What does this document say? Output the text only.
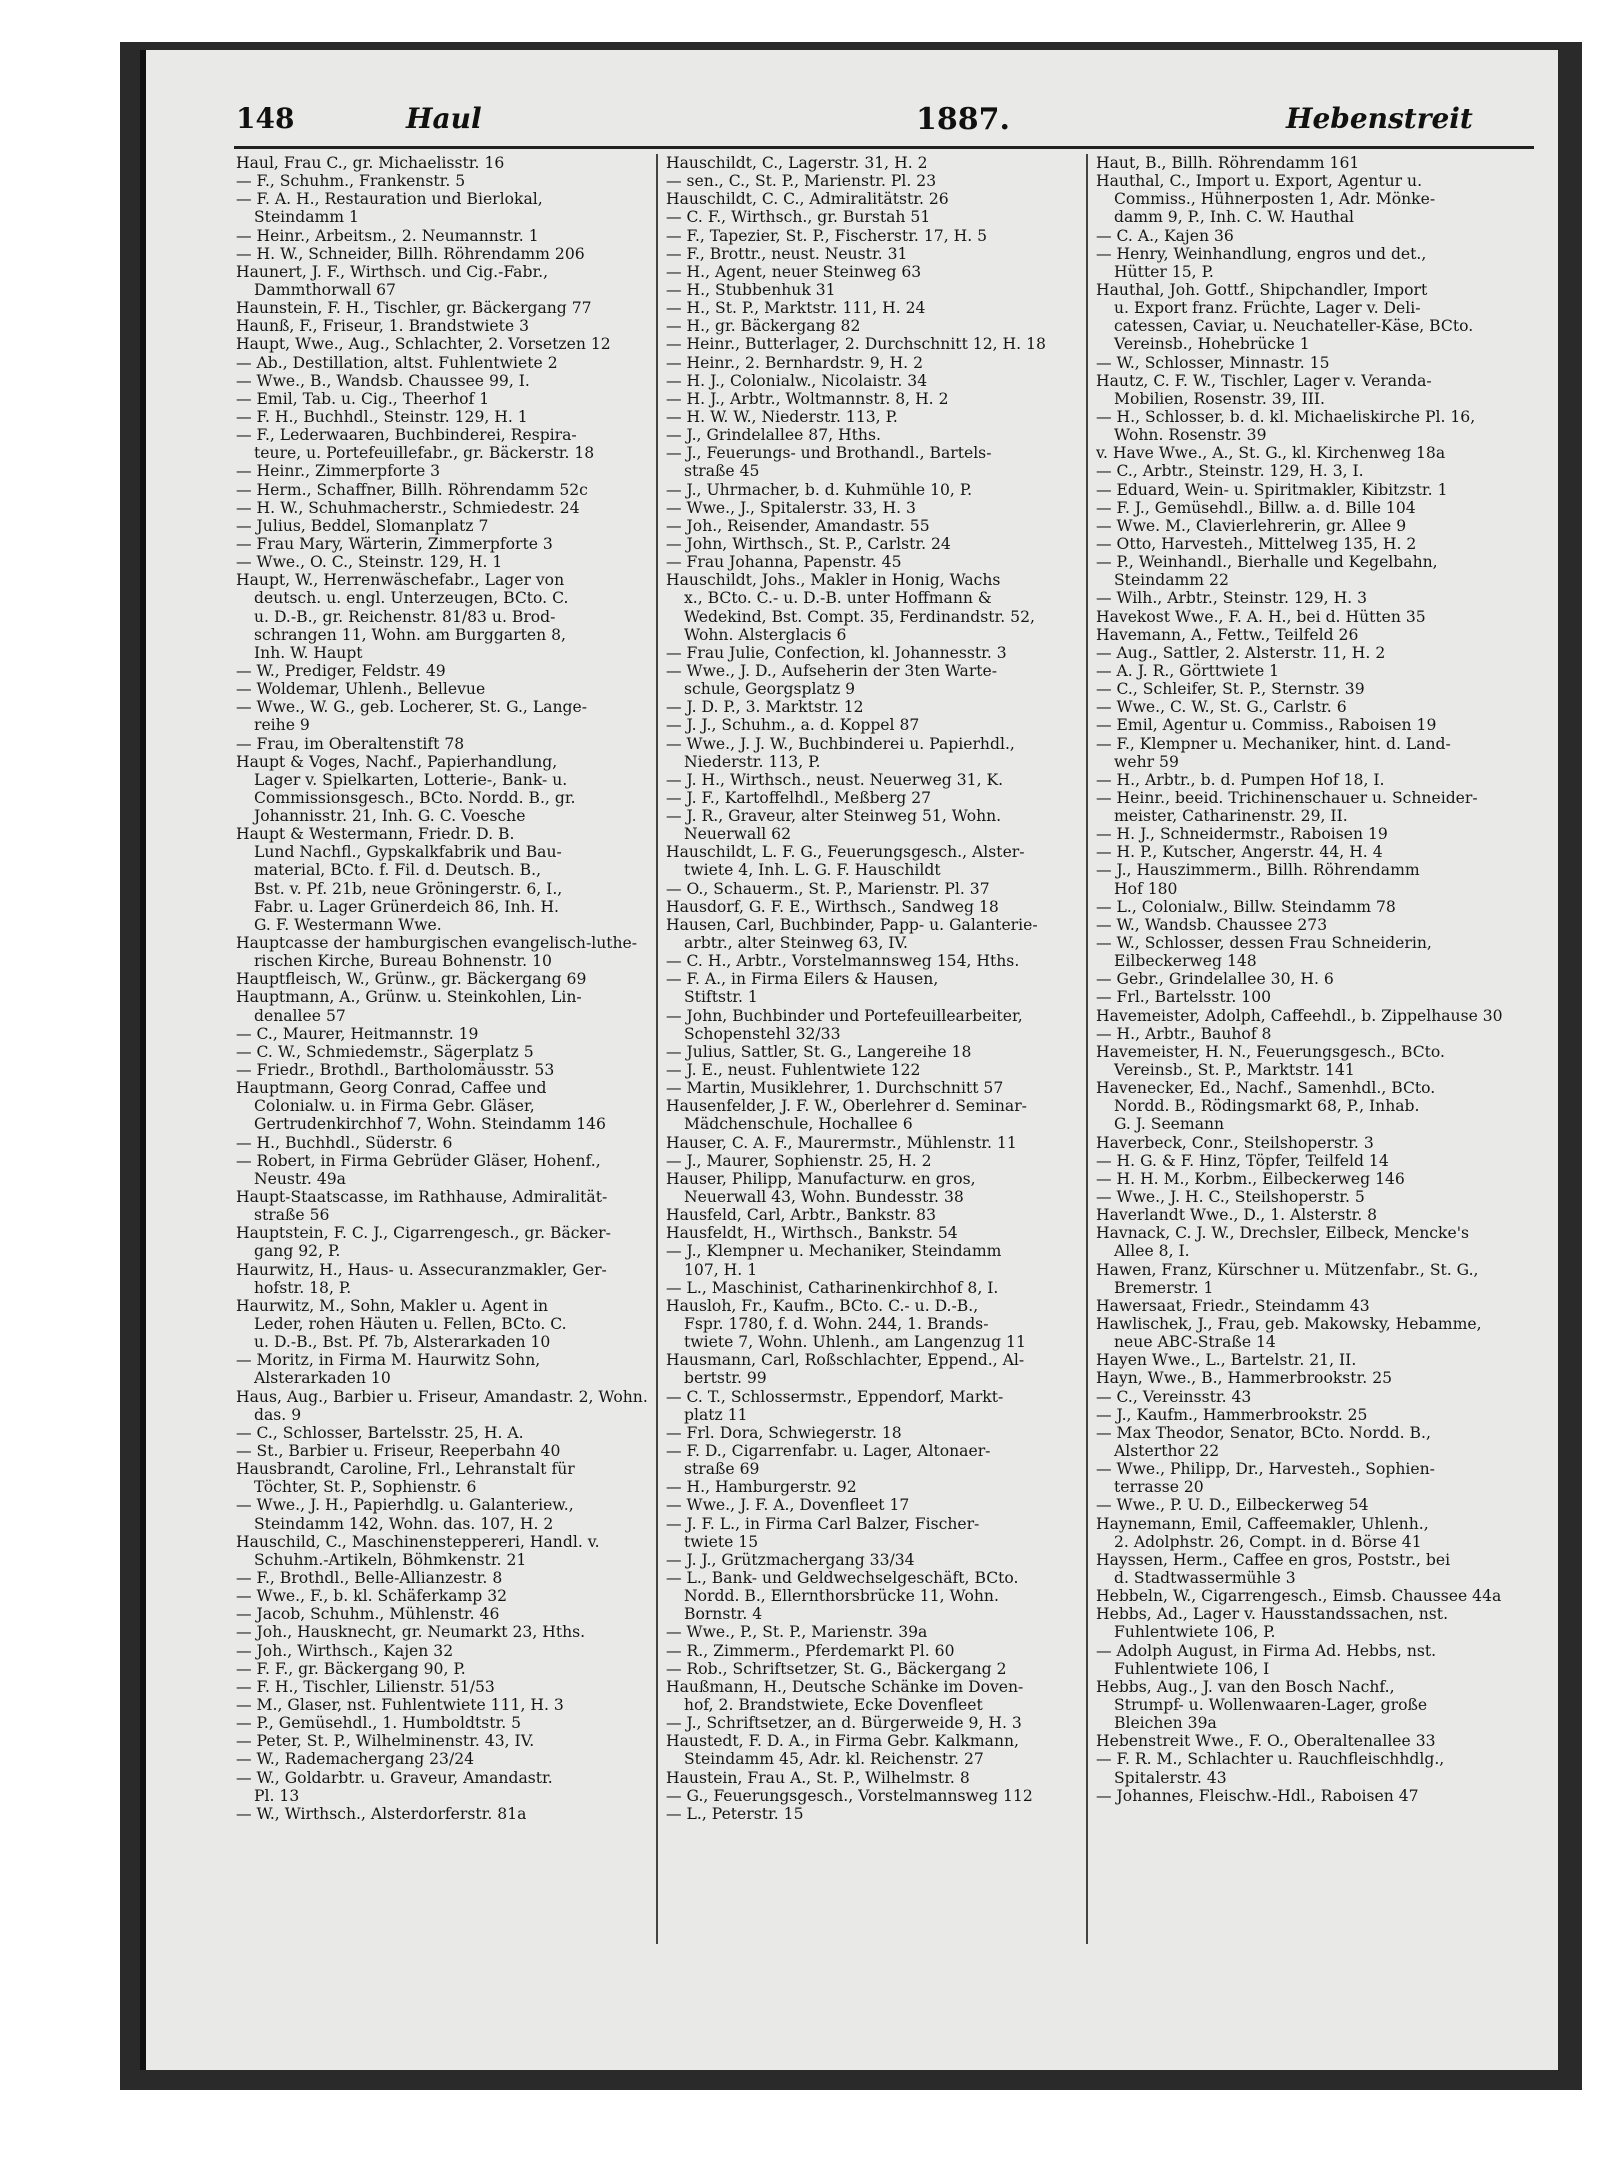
148	Haul	1887.	Hebenstreit
Haul, Frau C., gr. Michaelisstr. 16
— F., Schuhm., Frankenstr. 5
— F. A. H., Restauration und Bierlokal,
Steindamm 1
— Heinr., Arbeitsm., 2. Neumannstr. 1
— H. W., Schneider, Billh. Röhrendamm 206
Haunert, J. F., Wirthsch. und Cig.-Fabr.,
Dammthorwall 67
Haunstein, F. H., Tischler, gr. Bäckergang 77
Haunß, F., Friseur, 1. Brandstwiete 3
Haupt, Wwe., Aug., Schlachter, 2. Vorsetzen 12
— Ab., Destillation, altst. Fuhlentwiete 2
— Wwe., B., Wandsb. Chaussee 99, I.
— Emil, Tab. u. Cig., Theerhof 1
— F. H., Buchhdl., Steinstr. 129, H. 1
— F., Lederwaaren, Buchbinderei, Respira-
teure, u. Portefeuillefabr., gr. Bäckerstr. 18
— Heinr., Zimmerpforte 3
— Herm., Schaffner, Billh. Röhrendamm 52c
— H. W., Schuhmacherstr., Schmiedestr. 24
— Julius, Beddel, Slomanplatz 7
— Frau Mary, Wärterin, Zimmerpforte 3
— Wwe., O. C., Steinstr. 129, H. 1
Haupt, W., Herrenwäschefabr., Lager von
deutsch. u. engl. Unterzeugen, BCto. C.
u. D.-B., gr. Reichenstr. 81/83 u. Brod-
schrangen 11, Wohn. am Burggarten 8,
Inh. W. Haupt
— W., Prediger, Feldstr. 49
— Woldemar, Uhlenh., Bellevue
— Wwe., W. G., geb. Locherer, St. G., Lange-
reihe 9
— Frau, im Oberaltenstift 78
Haupt & Voges, Nachf., Papierhandlung,
Lager v. Spielkarten, Lotterie-, Bank- u.
Commissionsgesch., BCto. Nordd. B., gr.
Johannisstr. 21, Inh. G. C. Voesche
Haupt & Westermann, Friedr. D. B.
Lund Nachfl., Gypskalkfabrik und Bau-
material, BCto. f. Fil. d. Deutsch. B.,
Bst. v. Pf. 21b, neue Gröningerstr. 6, I.,
Fabr. u. Lager Grünerdeich 86, Inh. H.
G. F. Westermann Wwe.
Hauptcasse der hamburgischen evangelisch-luthe-
rischen Kirche, Bureau Bohnenstr. 10
Hauptfleisch, W., Grünw., gr. Bäckergang 69
Hauptmann, A., Grünw. u. Steinkohlen, Lin-
denallee 57
— C., Maurer, Heitmannstr. 19
— C. W., Schmiedemstr., Sägerplatz 5
— Friedr., Brothdl., Bartholomäusstr. 53
Hauptmann, Georg Conrad, Caffee und
Colonialw. u. in Firma Gebr. Gläser,
Gertrudenkirchhof 7, Wohn. Steindamm 146
— H., Buchhdl., Süderstr. 6
— Robert, in Firma Gebrüder Gläser, Hohenf.,
Neustr. 49a
Haupt-Staatscasse, im Rathhause, Admiralität-
straße 56
Hauptstein, F. C. J., Cigarrengesch., gr. Bäcker-
gang 92, P.
Haurwitz, H., Haus- u. Assecuranzmakler, Ger-
hofstr. 18, P.
Haurwitz, M., Sohn, Makler u. Agent in
Leder, rohen Häuten u. Fellen, BCto. C.
u. D.-B., Bst. Pf. 7b, Alsterarkaden 10
— Moritz, in Firma M. Haurwitz Sohn,
Alsterarkaden 10
Haus, Aug., Barbier u. Friseur, Amandastr. 2, Wohn.
das. 9
— C., Schlosser, Bartelsstr. 25, H. A.
— St., Barbier u. Friseur, Reeperbahn 40
Hausbrandt, Caroline, Frl., Lehranstalt für
Töchter, St. P., Sophienstr. 6
— Wwe., J. H., Papierhdlg. u. Galanteriew.,
Steindamm 142, Wohn. das. 107, H. 2
Hauschild, C., Maschinensteppereri, Handl. v.
Schuhm.-Artikeln, Böhmkenstr. 21
— F., Brothdl., Belle-Allianzestr. 8
— Wwe., F., b. kl. Schäferkamp 32
— Jacob, Schuhm., Mühlenstr. 46
— Joh., Hausknecht, gr. Neumarkt 23, Hths.
— Joh., Wirthsch., Kajen 32
— F. F., gr. Bäckergang 90, P.
— F. H., Tischler, Lilienstr. 51/53
— M., Glaser, nst. Fuhlentwiete 111, H. 3
— P., Gemüsehdl., 1. Humboldtstr. 5
— Peter, St. P., Wilhelminenstr. 43, IV.
— W., Rademachergang 23/24
— W., Goldarbtr. u. Graveur, Amandastr.
Pl. 13
— W., Wirthsch., Alsterdorferstr. 81a
Hauschildt, C., Lagerstr. 31, H. 2
— sen., C., St. P., Marienstr. Pl. 23
Hauschildt, C. C., Admiralitätstr. 26
— C. F., Wirthsch., gr. Burstah 51
— F., Tapezier, St. P., Fischerstr. 17, H. 5
— F., Brottr., neust. Neustr. 31
— H., Agent, neuer Steinweg 63
— H., Stubbenhuk 31
— H., St. P., Marktstr. 111, H. 24
— H., gr. Bäckergang 82
— Heinr., Butterlager, 2. Durchschnitt 12, H. 18
— Heinr., 2. Bernhardstr. 9, H. 2
— H. J., Colonialw., Nicolaistr. 34
— H. J., Arbtr., Woltmannstr. 8, H. 2
— H. W. W., Niederstr. 113, P.
— J., Grindelallee 87, Hths.
— J., Feuerungs- und Brothandl., Bartels-
straße 45
— J., Uhrmacher, b. d. Kuhmühle 10, P.
— Wwe., J., Spitalerstr. 33, H. 3
— Joh., Reisender, Amandastr. 55
— John, Wirthsch., St. P., Carlstr. 24
— Frau Johanna, Papenstr. 45
Hauschildt, Johs., Makler in Honig, Wachs
x., BCto. C.- u. D.-B. unter Hoffmann &
Wedekind, Bst. Compt. 35, Ferdinandstr. 52,
Wohn. Alsterglacis 6
— Frau Julie, Confection, kl. Johannesstr. 3
— Wwe., J. D., Aufseherin der 3ten Warte-
schule, Georgsplatz 9
— J. D. P., 3. Marktstr. 12
— J. J., Schuhm., a. d. Koppel 87
— Wwe., J. J. W., Buchbinderei u. Papierhdl.,
Niederstr. 113, P.
— J. H., Wirthsch., neust. Neuerweg 31, K.
— J. F., Kartoffelhdl., Meßberg 27
— J. R., Graveur, alter Steinweg 51, Wohn.
Neuerwall 62
Hauschildt, L. F. G., Feuerungsgesch., Alster-
twiete 4, Inh. L. G. F. Hauschildt
— O., Schauerm., St. P., Marienstr. Pl. 37
Hausdorf, G. F. E., Wirthsch., Sandweg 18
Hausen, Carl, Buchbinder, Papp- u. Galanterie-
arbtr., alter Steinweg 63, IV.
— C. H., Arbtr., Vorstelmannsweg 154, Hths.
— F. A., in Firma Eilers & Hausen,
Stiftstr. 1
— John, Buchbinder und Portefeuillearbeiter,
Schopenstehl 32/33
— Julius, Sattler, St. G., Langereihe 18
— J. E., neust. Fuhlentwiete 122
— Martin, Musiklehrer, 1. Durchschnitt 57
Hausenfelder, J. F. W., Oberlehrer d. Seminar-
Mädchenschule, Hochallee 6
Hauser, C. A. F., Maurermstr., Mühlenstr. 11
— J., Maurer, Sophienstr. 25, H. 2
Hauser, Philipp, Manufacturw. en gros,
Neuerwall 43, Wohn. Bundesstr. 38
Hausfeld, Carl, Arbtr., Bankstr. 83
Hausfeldt, H., Wirthsch., Bankstr. 54
— J., Klempner u. Mechaniker, Steindamm
107, H. 1
— L., Maschinist, Catharinenkirchhof 8, I.
Hausloh, Fr., Kaufm., BCto. C.- u. D.-B.,
Fspr. 1780, f. d. Wohn. 244, 1. Brands-
twiete 7, Wohn. Uhlenh., am Langenzug 11
Hausmann, Carl, Roßschlachter, Eppend., Al-
bertstr. 99
— C. T., Schlossermstr., Eppendorf, Markt-
platz 11
— Frl. Dora, Schwiegerstr. 18
— F. D., Cigarrenfabr. u. Lager, Altonaer-
straße 69
— H., Hamburgerstr. 92
— Wwe., J. F. A., Dovenfleet 17
— J. F. L., in Firma Carl Balzer, Fischer-
twiete 15
— J. J., Grützmachergang 33/34
— L., Bank- und Geldwechselgeschäft, BCto.
Nordd. B., Ellernthorsbrücke 11, Wohn.
Bornstr. 4
— Wwe., P., St. P., Marienstr. 39a
— R., Zimmerm., Pferdemarkt Pl. 60
— Rob., Schriftsetzer, St. G., Bäckergang 2
Haußmann, H., Deutsche Schänke im Doven-
hof, 2. Brandstwiete, Ecke Dovenfleet
— J., Schriftsetzer, an d. Bürgerweide 9, H. 3
Haustedt, F. D. A., in Firma Gebr. Kalkmann,
Steindamm 45, Adr. kl. Reichenstr. 27
Haustein, Frau A., St. P., Wilhelmstr. 8
— G., Feuerungsgesch., Vorstelmannsweg 112
— L., Peterstr. 15
Haut, B., Billh. Röhrendamm 161
Hauthal, C., Import u. Export, Agentur u.
Commiss., Hühnerposten 1, Adr. Mönke-
damm 9, P., Inh. C. W. Hauthal
— C. A., Kajen 36
— Henry, Weinhandlung, engros und det.,
Hütter 15, P.
Hauthal, Joh. Gottf., Shipchandler, Import
u. Export franz. Früchte, Lager v. Deli-
catessen, Caviar, u. Neuchateller-Käse, BCto.
Vereinsb., Hohebrücke 1
— W., Schlosser, Minnastr. 15
Hautz, C. F. W., Tischler, Lager v. Veranda-
Mobilien, Rosenstr. 39, III.
— H., Schlosser, b. d. kl. Michaeliskirche Pl. 16,
Wohn. Rosenstr. 39
v. Have Wwe., A., St. G., kl. Kirchenweg 18a
— C., Arbtr., Steinstr. 129, H. 3, I.
— Eduard, Wein- u. Spiritmakler, Kibitzstr. 1
— F. J., Gemüsehdl., Billw. a. d. Bille 104
— Wwe. M., Clavierlehrerin, gr. Allee 9
— Otto, Harvesteh., Mittelweg 135, H. 2
— P., Weinhandl., Bierhalle und Kegelbahn,
Steindamm 22
— Wilh., Arbtr., Steinstr. 129, H. 3
Havekost Wwe., F. A. H., bei d. Hütten 35
Havemann, A., Fettw., Teilfeld 26
— Aug., Sattler, 2. Alsterstr. 11, H. 2
— A. J. R., Görttwiete 1
— C., Schleifer, St. P., Sternstr. 39
— Wwe., C. W., St. G., Carlstr. 6
— Emil, Agentur u. Commiss., Raboisen 19
— F., Klempner u. Mechaniker, hint. d. Land-
wehr 59
— H., Arbtr., b. d. Pumpen Hof 18, I.
— Heinr., beeid. Trichinenschauer u. Schneider-
meister, Catharinenstr. 29, II.
— H. J., Schneidermstr., Raboisen 19
— H. P., Kutscher, Angerstr. 44, H. 4
— J., Hauszimmerm., Billh. Röhrendamm
Hof 180
— L., Colonialw., Billw. Steindamm 78
— W., Wandsb. Chaussee 273
— W., Schlosser, dessen Frau Schneiderin,
Eilbeckerweg 148
— Gebr., Grindelallee 30, H. 6
— Frl., Bartelsstr. 100
Havemeister, Adolph, Caffeehdl., b. Zippelhause 30
— H., Arbtr., Bauhof 8
Havemeister, H. N., Feuerungsgesch., BCto.
Vereinsb., St. P., Marktstr. 141
Havenecker, Ed., Nachf., Samenhdl., BCto.
Nordd. B., Rödingsmarkt 68, P., Inhab.
G. J. Seemann
Haverbeck, Conr., Steilshoperstr. 3
— H. G. & F. Hinz, Töpfer, Teilfeld 14
— H. H. M., Korbm., Eilbeckerweg 146
— Wwe., J. H. C., Steilshoperstr. 5
Haverlandt Wwe., D., 1. Alsterstr. 8
Havnack, C. J. W., Drechsler, Eilbeck, Mencke's
Allee 8, I.
Hawen, Franz, Kürschner u. Mützenfabr., St. G.,
Bremerstr. 1
Hawersaat, Friedr., Steindamm 43
Hawlischek, J., Frau, geb. Makowsky, Hebamme,
neue ABC-Straße 14
Hayen Wwe., L., Bartelstr. 21, II.
Hayn, Wwe., B., Hammerbrookstr. 25
— C., Vereinsstr. 43
— J., Kaufm., Hammerbrookstr. 25
— Max Theodor, Senator, BCto. Nordd. B.,
Alsterthor 22
— Wwe., Philipp, Dr., Harvesteh., Sophien-
terrasse 20
— Wwe., P. U. D., Eilbeckerweg 54
Haynemann, Emil, Caffeemakler, Uhlenh.,
2. Adolphstr. 26, Compt. in d. Börse 41
Hayssen, Herm., Caffee en gros, Poststr., bei
d. Stadtwassermühle 3
Hebbeln, W., Cigarrengesch., Eimsb. Chaussee 44a
Hebbs, Ad., Lager v. Hausstandssachen, nst.
Fuhlentwiete 106, P.
— Adolph August, in Firma Ad. Hebbs, nst.
Fuhlentwiete 106, I
Hebbs, Aug., J. van den Bosch Nachf.,
Strumpf- u. Wollenwaaren-Lager, große
Bleichen 39a
Hebenstreit Wwe., F. O., Oberaltenallee 33
— F. R. M., Schlachter u. Rauchfleischhdlg.,
Spitalerstr. 43
— Johannes, Fleischw.-Hdl., Raboisen 47
